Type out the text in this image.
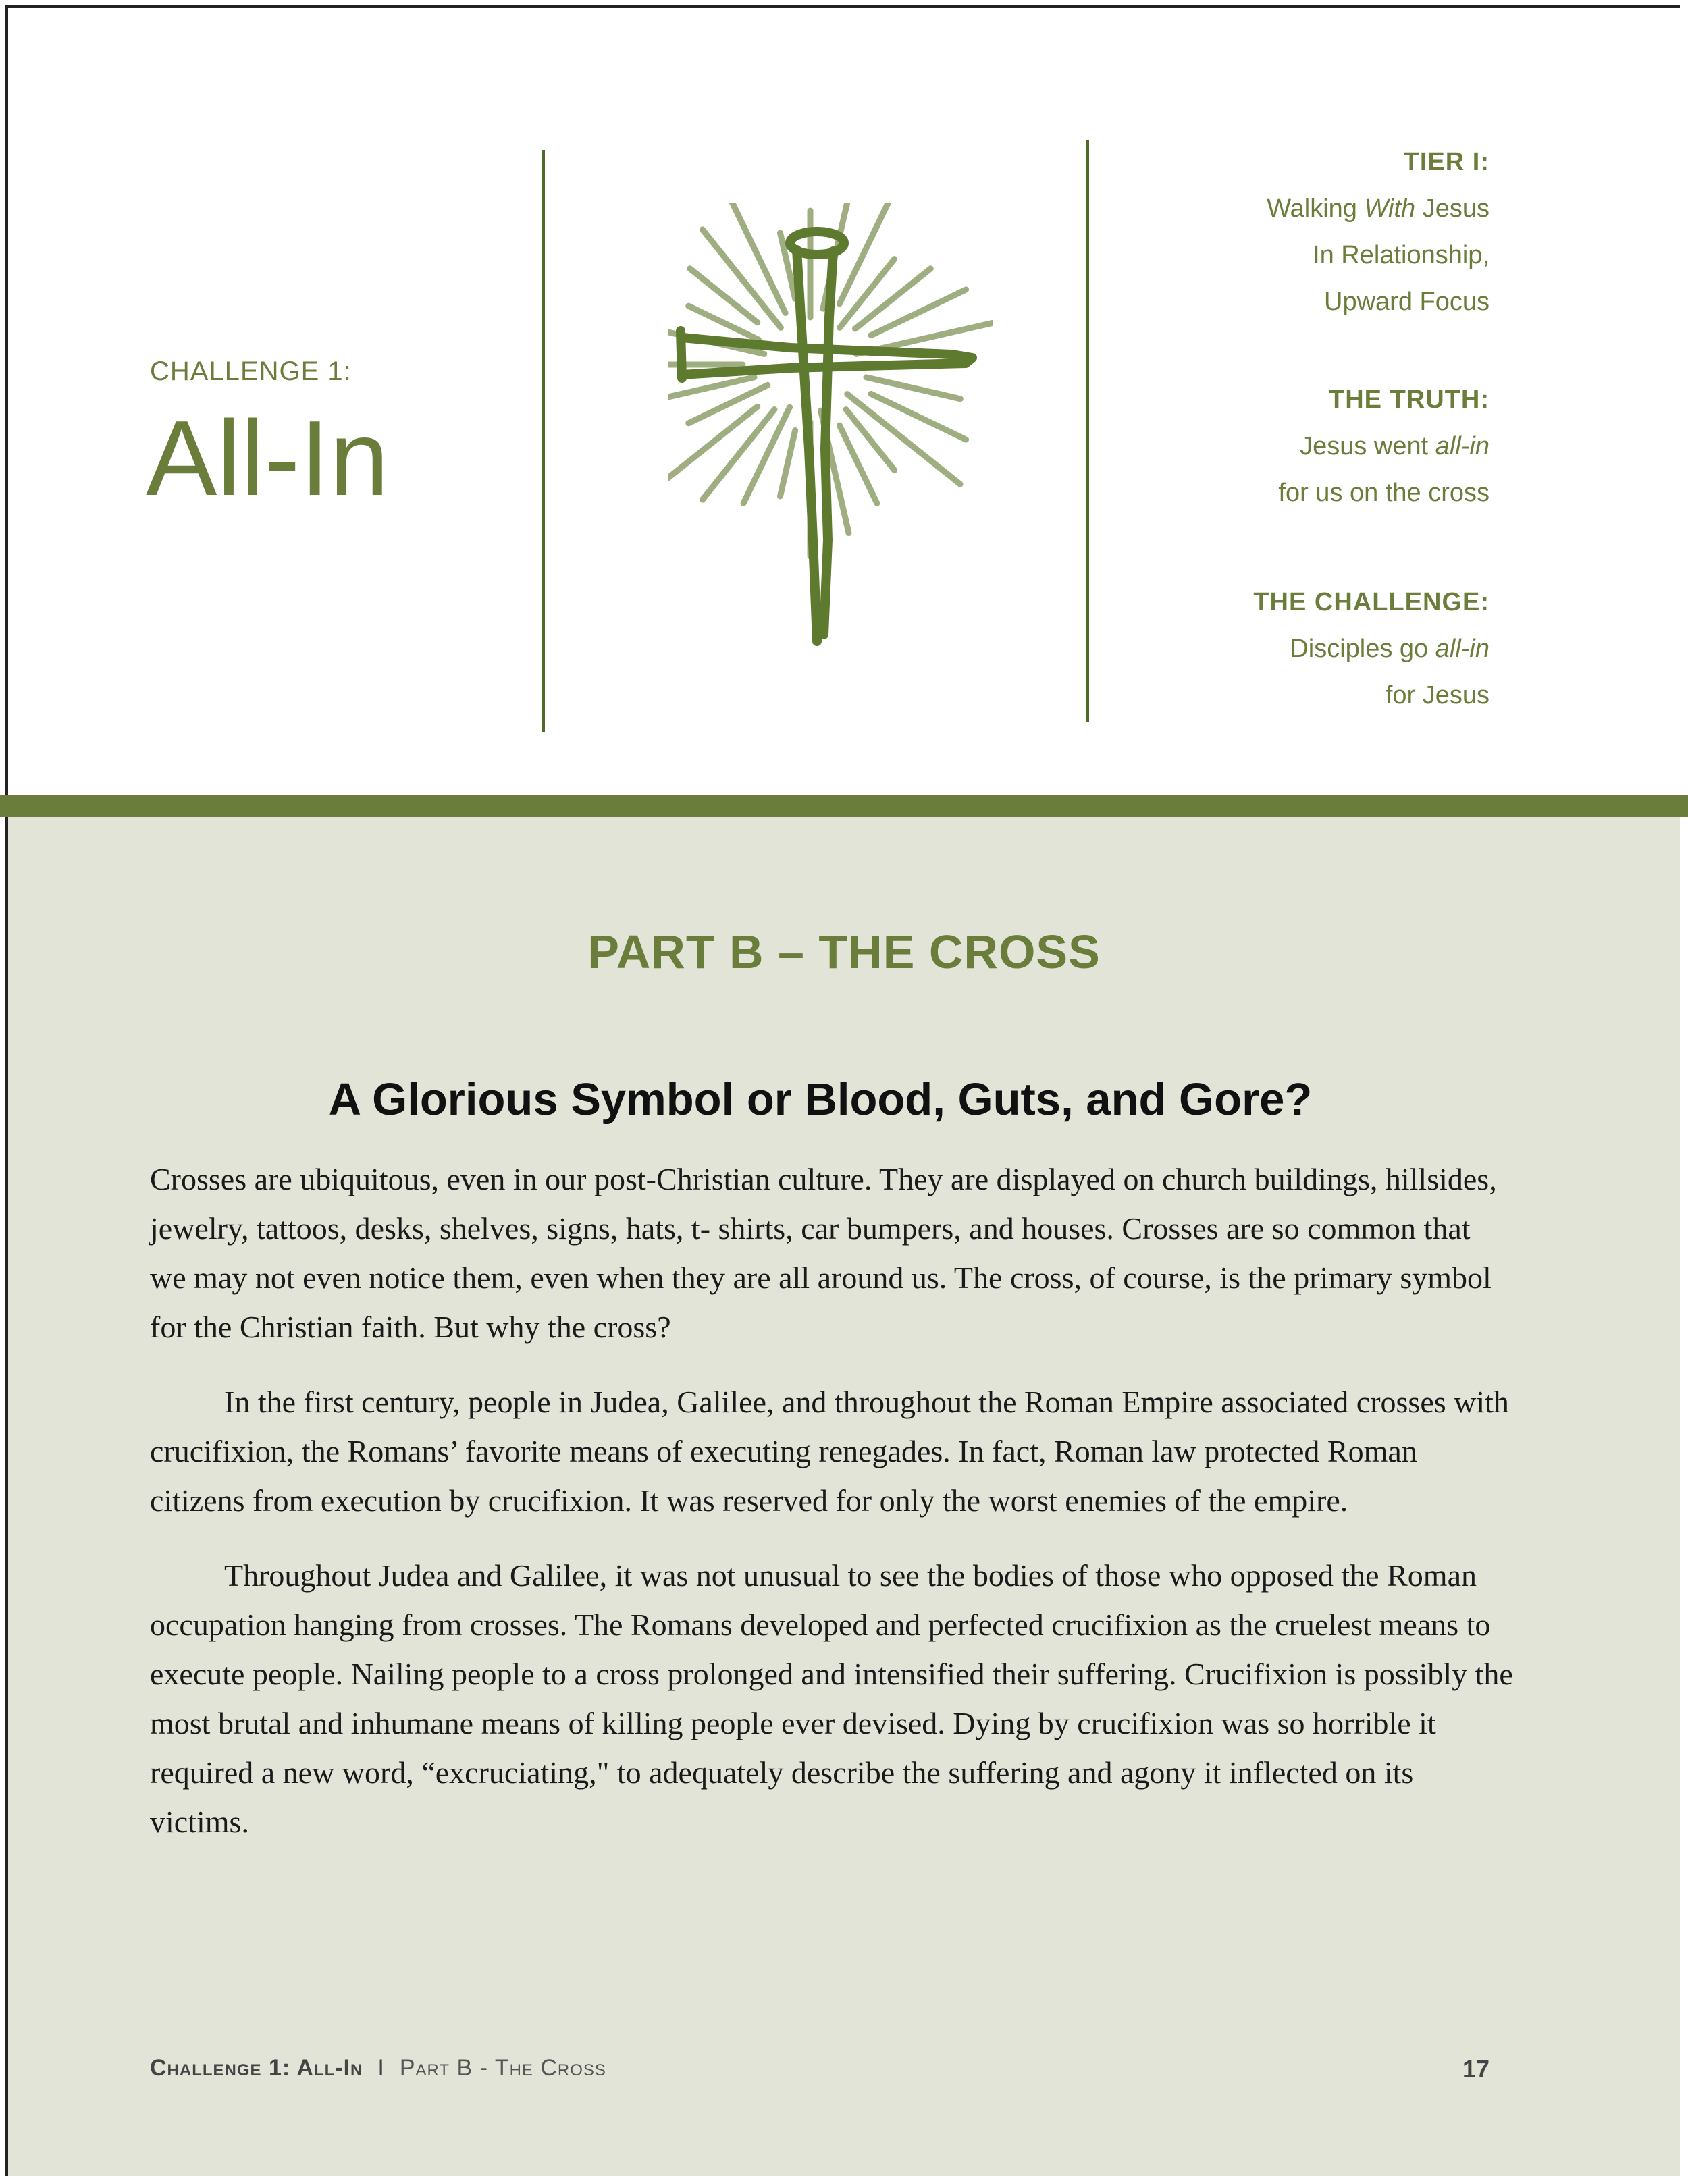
CHALLENGE 1:
All-In
TIER I:
Walking With Jesus
In Relationship,
Upward Focus
THE TRUTH:
Jesus went all-in
for us on the cross
THE CHALLENGE:
Disciples go all-in
for Jesus
PART B – THE CROSS
A Glorious Symbol or Blood, Guts, and Gore?

Crosses are ubiquitous, even in our post-Christian culture. They are displayed on church buildings, hillsides, jewelry, tattoos, desks, shelves, signs, hats, t- shirts, car bumpers, and houses. Crosses are so common that we may not even notice them, even when they are all around us. The cross, of course, is the primary symbol for the Christian faith. But why the cross?

In the first century, people in Judea, Galilee, and throughout the Roman Empire associated crosses with crucifixion, the Romans’ favorite means of executing renegades. In fact, Roman law protected Roman citizens from execution by crucifixion. It was reserved for only the worst enemies of the empire.

Throughout Judea and Galilee, it was not unusual to see the bodies of those who opposed the Roman occupation hanging from crosses. The Romans developed and perfected crucifixion as the cruelest means to execute people. Nailing people to a cross prolonged and intensified their suffering. Crucifixion is possibly the most brutal and inhumane means of killing people ever devised. Dying by crucifixion was so horrible it required a new word, “excruciating," to adequately describe the suffering and agony it inflected on its victims.

Challenge 1: All-In I Part B - The Cross	17
